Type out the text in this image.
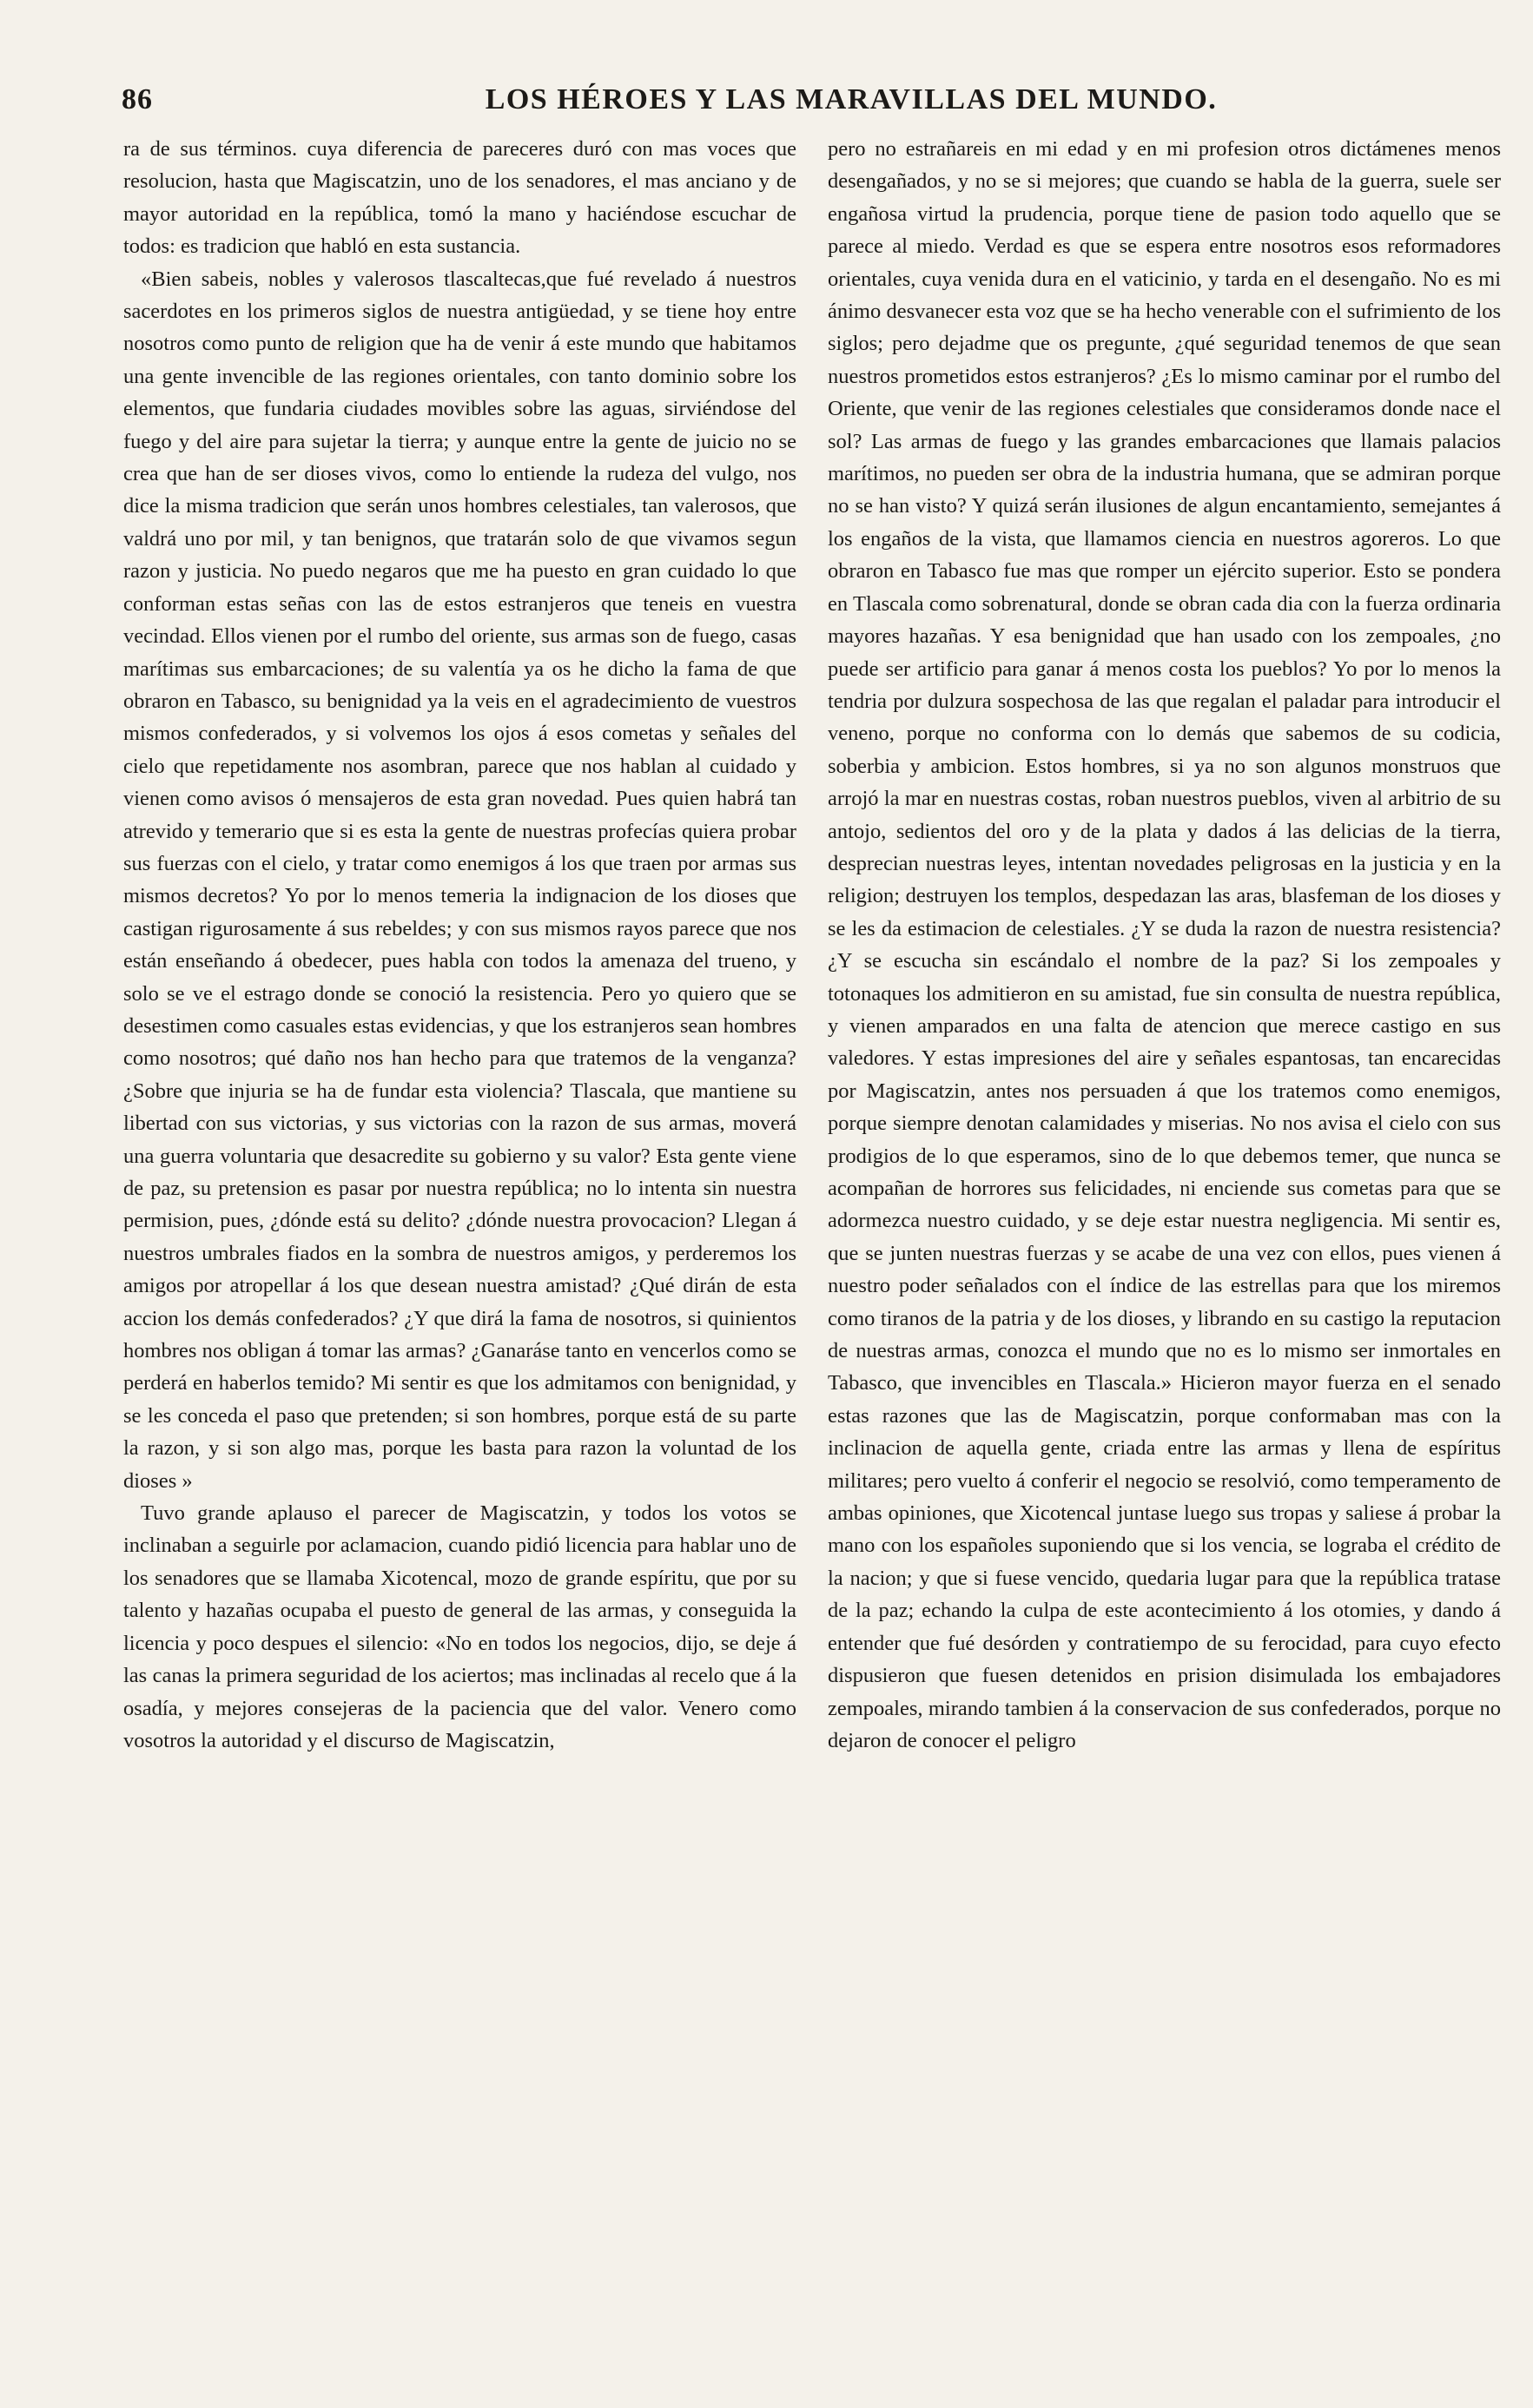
86	LOS HÉROES Y LAS MARAVILLAS DEL MUNDO.

ra de sus términos. cuya diferencia de pareceres duró con mas voces que resolucion, hasta que Magiscatzin, uno de los senadores, el mas anciano y de mayor autoridad en la república, tomó la mano y haciéndose escuchar de todos: es tradicion que habló en esta sustancia.

«Bien sabeis, nobles y valerosos tlascaltecas,que fué revelado á nuestros sacerdotes en los primeros siglos de nuestra antigüedad, y se tiene hoy entre nosotros como punto de religion que ha de venir á este mundo que habitamos una gente invencible de las regiones orientales, con tanto dominio sobre los elementos, que fundaria ciudades movibles sobre las aguas, sirviéndose del fuego y del aire para sujetar la tierra; y aunque entre la gente de juicio no se crea que han de ser dioses vivos, como lo entiende la rudeza del vulgo, nos dice la misma tradicion que serán unos hombres celestiales, tan valerosos, que valdrá uno por mil, y tan benignos, que tratarán solo de que vivamos segun razon y justicia. No puedo negaros que me ha puesto en gran cuidado lo que conforman estas señas con las de estos estranjeros que teneis en vuestra vecindad. Ellos vienen por el rumbo del oriente, sus armas son de fuego, casas marítimas sus embarcaciones; de su valentía ya os he dicho la fama de que obraron en Tabasco, su benignidad ya la veis en el agradecimiento de vuestros mismos confederados, y si volvemos los ojos á esos cometas y señales del cielo que repetidamente nos asombran, parece que nos hablan al cuidado y vienen como avisos ó mensajeros de esta gran novedad. Pues quien habrá tan atrevido y temerario que si es esta la gente de nuestras profecías quiera probar sus fuerzas con el cielo, y tratar como enemigos á los que traen por armas sus mismos decretos? Yo por lo menos temeria la indignacion de los dioses que castigan rigurosamente á sus rebeldes; y con sus mismos rayos parece que nos están enseñando á obedecer, pues habla con todos la amenaza del trueno, y solo se ve el estrago donde se conoció la resistencia. Pero yo quiero que se desestimen como casuales estas evidencias, y que los estranjeros sean hombres como nosotros; qué daño nos han hecho para que tratemos de la venganza? ¿Sobre que injuria se ha de fundar esta violencia? Tlascala, que mantiene su libertad con sus victorias, y sus victorias con la razon de sus armas, moverá una guerra voluntaria que desacredite su gobierno y su valor? Esta gente viene de paz, su pretension es pasar por nuestra república; no lo intenta sin nuestra permision, pues, ¿dónde está su delito? ¿dónde nuestra provocacion? Llegan á nuestros umbrales fiados en la sombra de nuestros amigos, y perderemos los amigos por atropellar á los que desean nuestra amistad? ¿Qué dirán de esta accion los demás confederados? ¿Y que dirá la fama de nosotros, si quinientos hombres nos obligan á tomar las armas? ¿Ganaráse tanto en vencerlos como se perderá en haberlos temido? Mi sentir es que los admitamos con benignidad, y se les conceda el paso que pretenden; si son hombres, porque está de su parte la razon, y si son algo mas, porque les basta para razon la voluntad de los dioses »

Tuvo grande aplauso el parecer de Magiscatzin, y todos los votos se inclinaban a seguirle por aclamacion, cuando pidió licencia para hablar uno de los senadores que se llamaba Xicotencal, mozo de grande espíritu, que por su talento y hazañas ocupaba el puesto de general de las armas, y conseguida la licencia y poco despues el silencio: «No en todos los negocios, dijo, se deje á las canas la primera seguridad de los aciertos; mas inclinadas al recelo que á la osadía, y mejores consejeras de la paciencia que del valor. Venero como vosotros la autoridad y el discurso de Magiscatzin,

pero no estrañareis en mi edad y en mi profesion otros dictámenes menos desengañados, y no se si mejores; que cuando se habla de la guerra, suele ser engañosa virtud la prudencia, porque tiene de pasion todo aquello que se parece al miedo. Verdad es que se espera entre nosotros esos reformadores orientales, cuya venida dura en el vaticinio, y tarda en el desengaño. No es mi ánimo desvanecer esta voz que se ha hecho venerable con el sufrimiento de los siglos; pero dejadme que os pregunte, ¿qué seguridad tenemos de que sean nuestros prometidos estos estranjeros? ¿Es lo mismo caminar por el rumbo del Oriente, que venir de las regiones celestiales que consideramos donde nace el sol? Las armas de fuego y las grandes embarcaciones que llamais palacios marítimos, no pueden ser obra de la industria humana, que se admiran porque no se han visto? Y quizá serán ilusiones de algun encantamiento, semejantes á los engaños de la vista, que llamamos ciencia en nuestros agoreros. Lo que obraron en Tabasco fue mas que romper un ejército superior. Esto se pondera en Tlascala como sobrenatural, donde se obran cada dia con la fuerza ordinaria mayores hazañas. Y esa benignidad que han usado con los zempoales, ¿no puede ser artificio para ganar á menos costa los pueblos? Yo por lo menos la tendria por dulzura sospechosa de las que regalan el paladar para introducir el veneno, porque no conforma con lo demás que sabemos de su codicia, soberbia y ambicion. Estos hombres, si ya no son algunos monstruos que arrojó la mar en nuestras costas, roban nuestros pueblos, viven al arbitrio de su antojo, sedientos del oro y de la plata y dados á las delicias de la tierra, desprecian nuestras leyes, intentan novedades peligrosas en la justicia y en la religion; destruyen los templos, despedazan las aras, blasfeman de los dioses y se les da estimacion de celestiales. ¿Y se duda la razon de nuestra resistencia? ¿Y se escucha sin escándalo el nombre de la paz? Si los zempoales y totonaques los admitieron en su amistad, fue sin consulta de nuestra república, y vienen amparados en una falta de atencion que merece castigo en sus valedores. Y estas impresiones del aire y señales espantosas, tan encarecidas por Magiscatzin, antes nos persuaden á que los tratemos como enemigos, porque siempre denotan calamidades y miserias. No nos avisa el cielo con sus prodigios de lo que esperamos, sino de lo que debemos temer, que nunca se acompañan de horrores sus felicidades, ni enciende sus cometas para que se adormezca nuestro cuidado, y se deje estar nuestra negligencia. Mi sentir es, que se junten nuestras fuerzas y se acabe de una vez con ellos, pues vienen á nuestro poder señalados con el índice de las estrellas para que los miremos como tiranos de la patria y de los dioses, y librando en su castigo la reputacion de nuestras armas, conozca el mundo que no es lo mismo ser inmortales en Tabasco, que invencibles en Tlascala.» Hicieron mayor fuerza en el senado estas razones que las de Magiscatzin, porque conformaban mas con la inclinacion de aquella gente, criada entre las armas y llena de espíritus militares; pero vuelto á conferir el negocio se resolvió, como temperamento de ambas opiniones, que Xicotencal juntase luego sus tropas y saliese á probar la mano con los españoles suponiendo que si los vencia, se lograba el crédito de la nacion; y que si fuese vencido, quedaria lugar para que la república tratase de la paz; echando la culpa de este acontecimiento á los otomies, y dando á entender que fué desórden y contratiempo de su ferocidad, para cuyo efecto dispusieron que fuesen detenidos en prision disimulada los embajadores zempoales, mirando tambien á la conservacion de sus confederados, porque no dejaron de conocer el peligro
